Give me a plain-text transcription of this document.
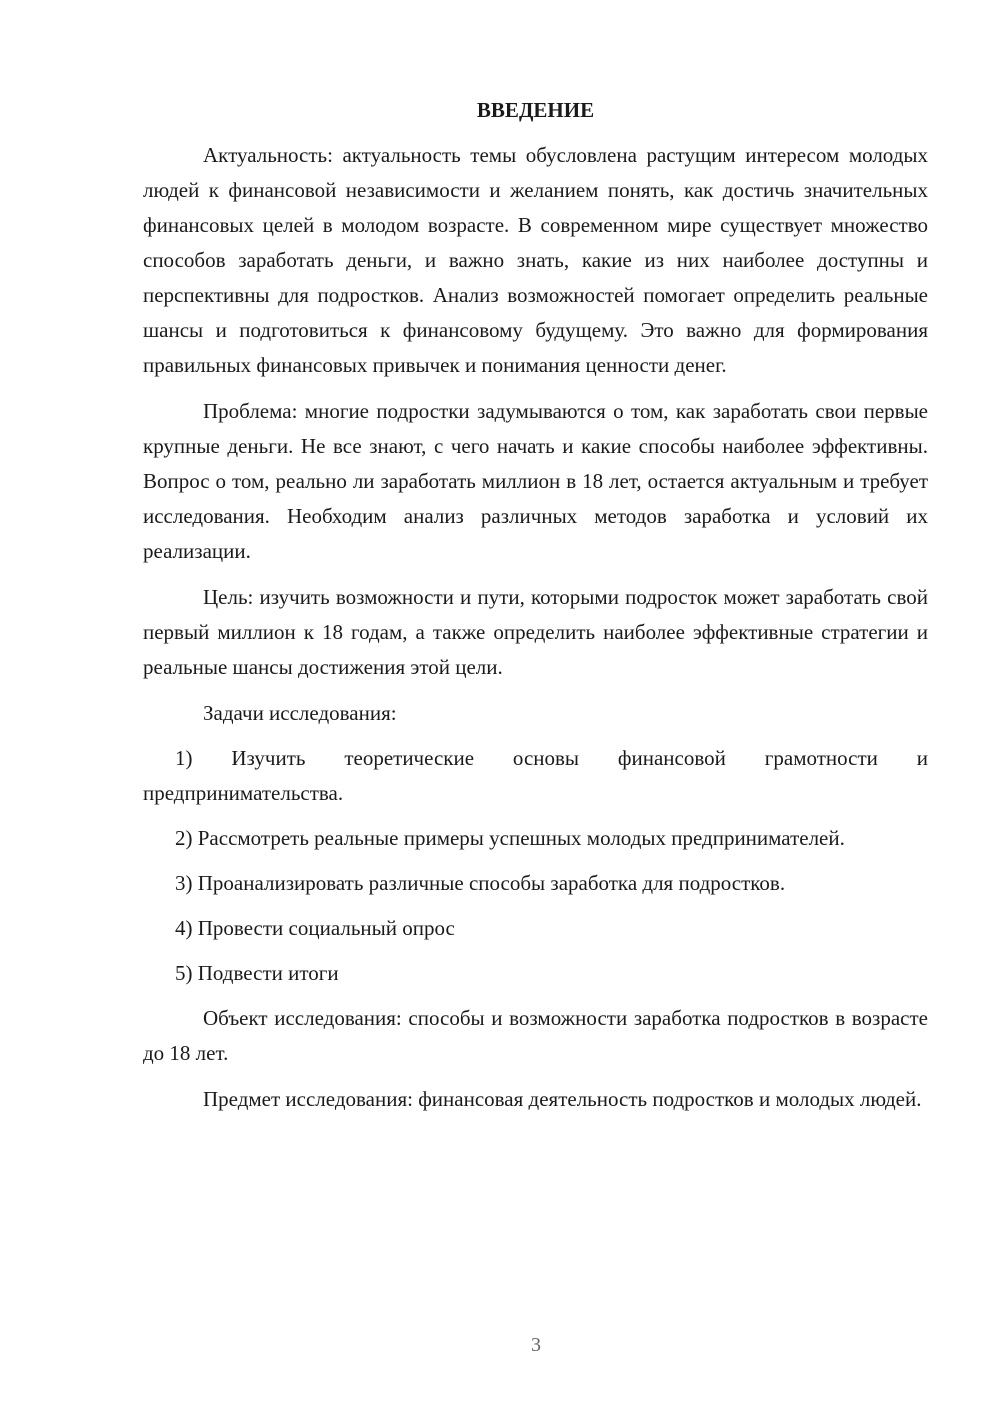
ВВЕДЕНИЕ

Актуальность: актуальность темы обусловлена растущим интересом молодых людей к финансовой независимости и желанием понять, как достичь значительных финансовых целей в молодом возрасте. В современном мире существует множество способов заработать деньги, и важно знать, какие из них наиболее доступны и перспективны для подростков. Анализ возможностей помогает определить реальные шансы и подготовиться к финансовому будущему. Это важно для формирования правильных финансовых привычек и понимания ценности денег.

Проблема: многие подростки задумываются о том, как заработать свои первые крупные деньги. Не все знают, с чего начать и какие способы наиболее эффективны. Вопрос о том, реально ли заработать миллион в 18 лет, остается актуальным и требует исследования. Необходим анализ различных методов заработка и условий их реализации.

Цель: изучить возможности и пути, которыми подросток может заработать свой первый миллион к 18 годам, а также определить наиболее эффективные стратегии и реальные шансы достижения этой цели.

Задачи исследования:

1) Изучить теоретические основы финансовой грамотности и предпринимательства.

2) Рассмотреть реальные примеры успешных молодых предпринимателей.

3) Проанализировать различные способы заработка для подростков.

4) Провести социальный опрос

5) Подвести итоги

Объект исследования: способы и возможности заработка подростков в возрасте до 18 лет.

Предмет исследования: финансовая деятельность подростков и молодых людей.

3
